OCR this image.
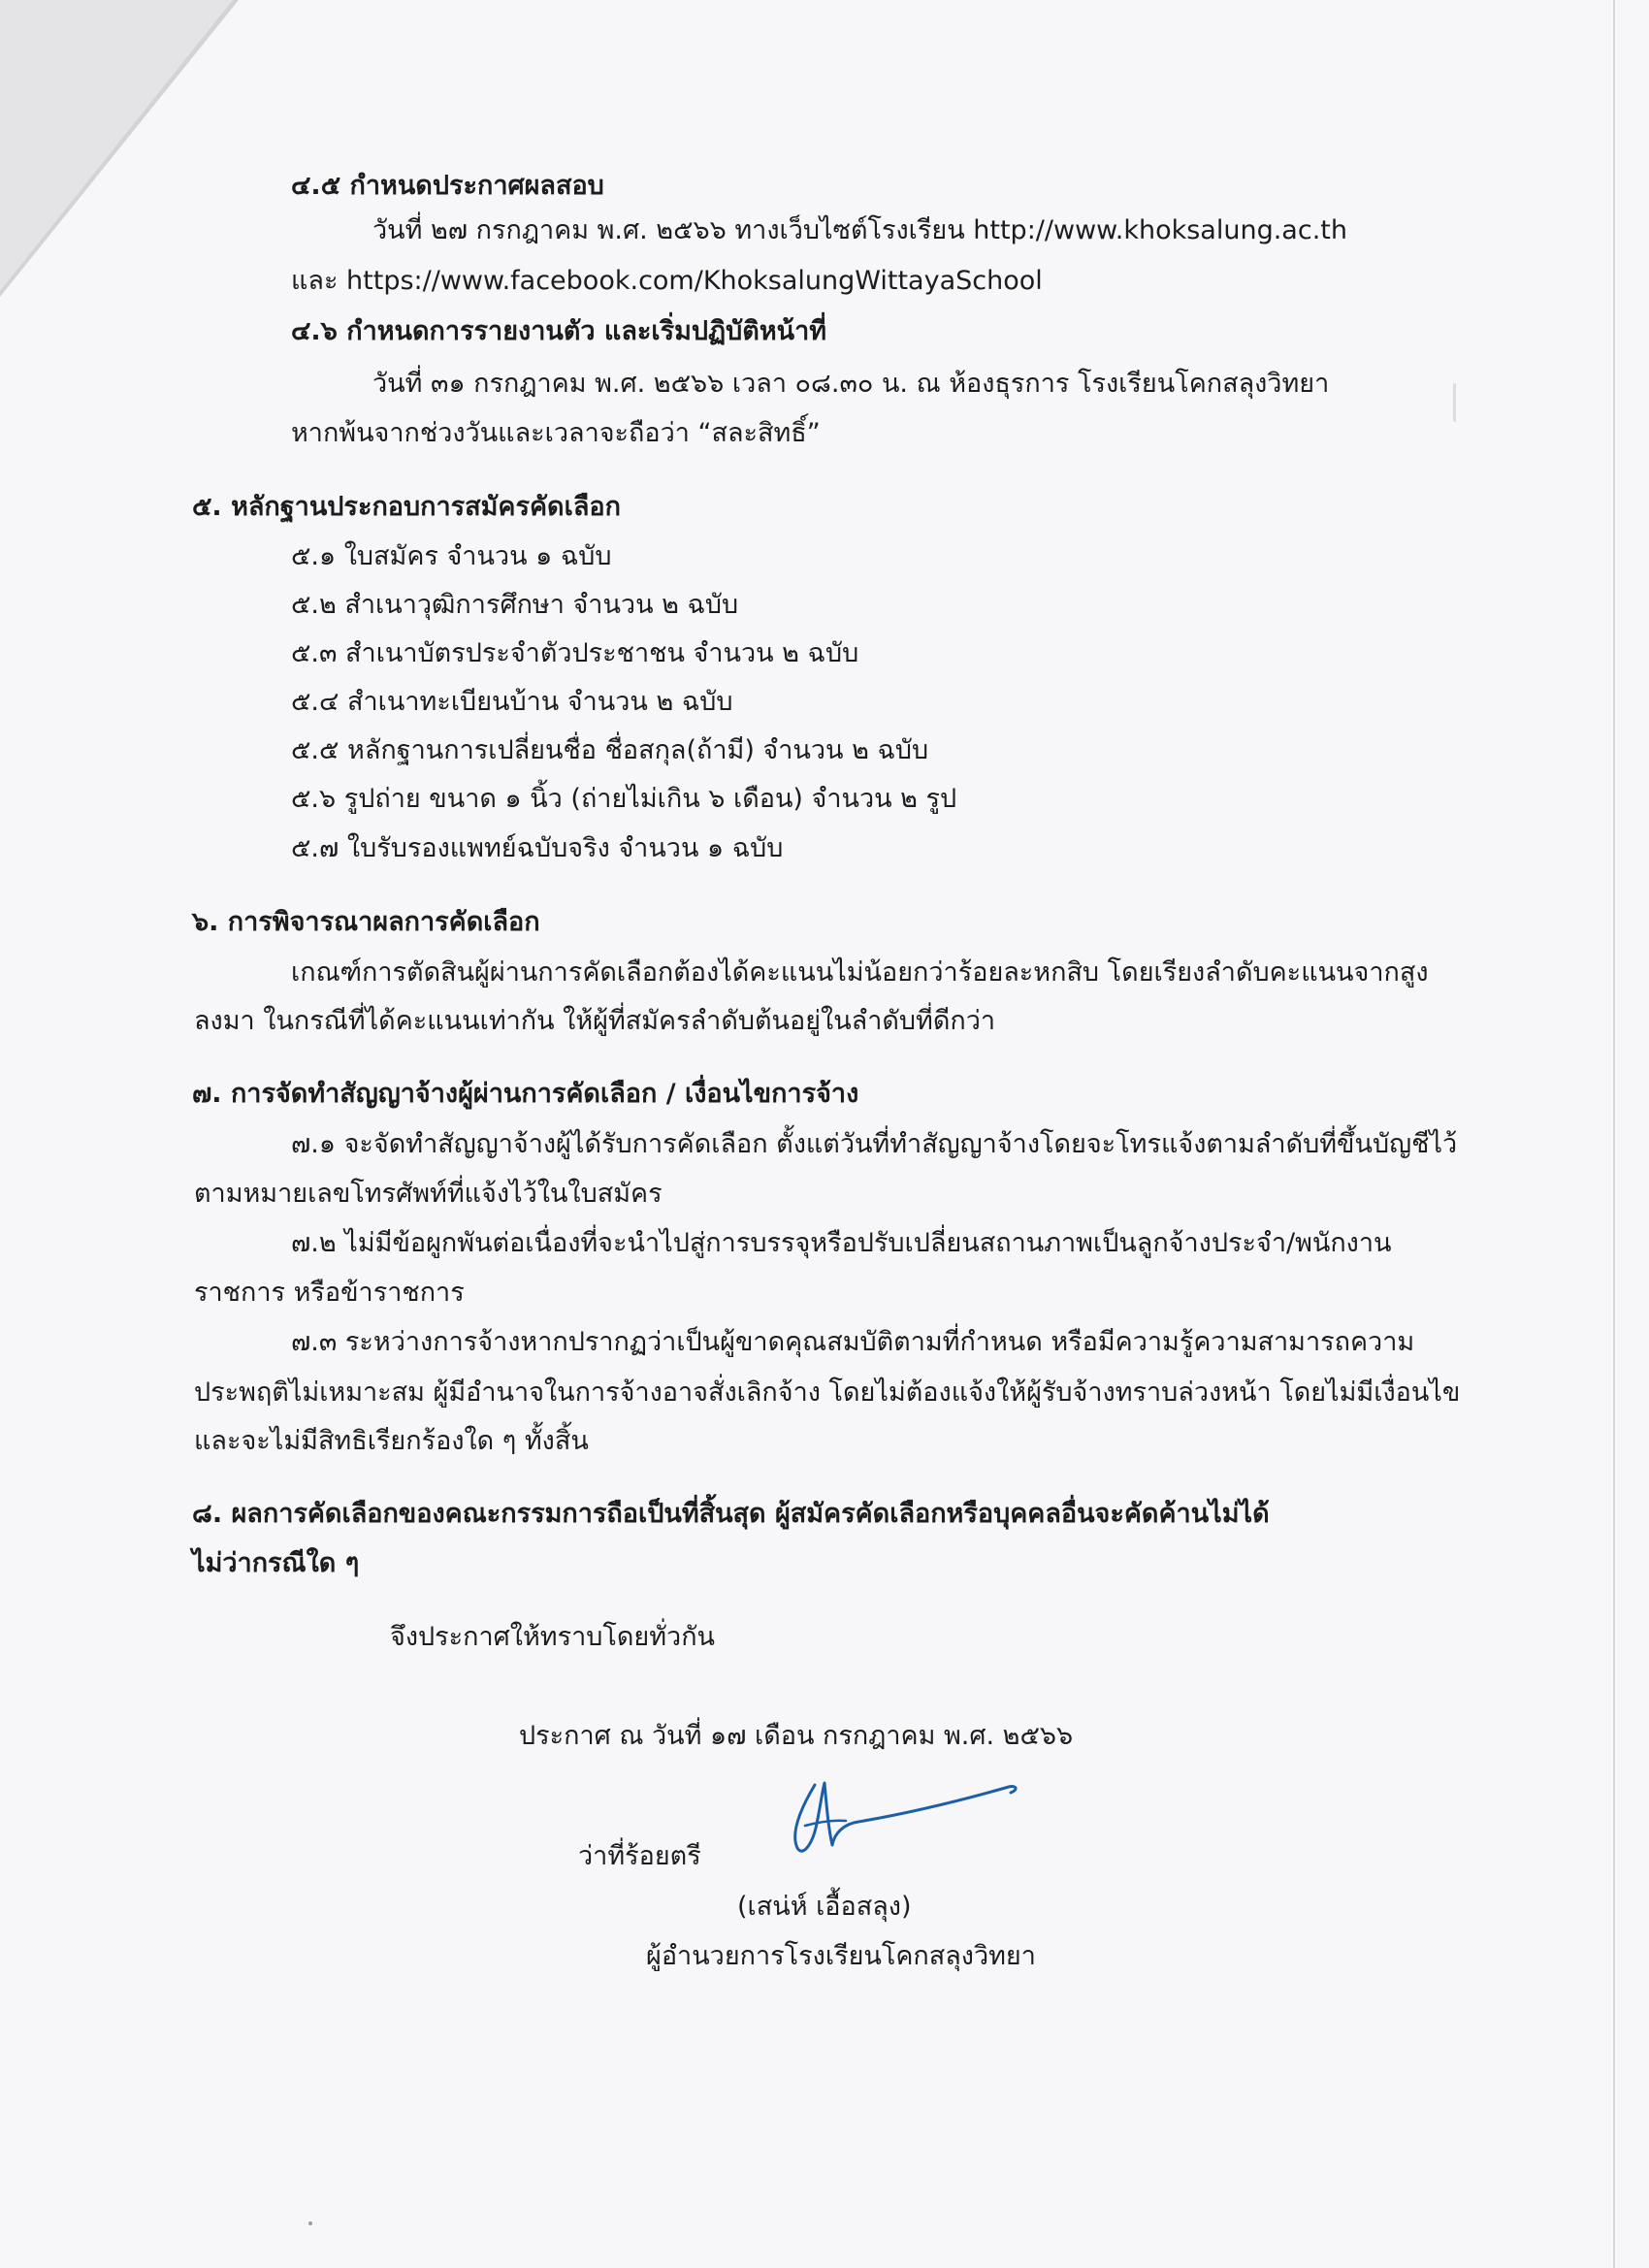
๔.๕ กำหนดประกาศผลสอบ
วันที่ ๒๗ กรกฎาคม พ.ศ. ๒๕๖๖ ทางเว็บไซต์โรงเรียน http://www.khoksalung.ac.th
และ https://www.facebook.com/KhoksalungWittayaSchool
๔.๖ กำหนดการรายงานตัว และเริ่มปฏิบัติหน้าที่
วันที่ ๓๑ กรกฎาคม พ.ศ. ๒๕๖๖ เวลา ๐๘.๓๐ น. ณ ห้องธุรการ โรงเรียนโคกสลุงวิทยา
หากพ้นจากช่วงวันและเวลาจะถือว่า “สละสิทธิ์”
๕. หลักฐานประกอบการสมัครคัดเลือก
๕.๑ ใบสมัคร จำนวน ๑ ฉบับ
๕.๒ สำเนาวุฒิการศึกษา จำนวน ๒ ฉบับ
๕.๓ สำเนาบัตรประจำตัวประชาชน จำนวน ๒ ฉบับ
๕.๔ สำเนาทะเบียนบ้าน จำนวน ๒ ฉบับ
๕.๕ หลักฐานการเปลี่ยนชื่อ ชื่อสกุล(ถ้ามี) จำนวน ๒ ฉบับ
๕.๖ รูปถ่าย ขนาด ๑ นิ้ว (ถ่ายไม่เกิน ๖ เดือน) จำนวน ๒ รูป
๕.๗ ใบรับรองแพทย์ฉบับจริง จำนวน ๑ ฉบับ
๖. การพิจารณาผลการคัดเลือก
เกณฑ์การตัดสินผู้ผ่านการคัดเลือกต้องได้คะแนนไม่น้อยกว่าร้อยละหกสิบ โดยเรียงลำดับคะแนนจากสูง
ลงมา ในกรณีที่ได้คะแนนเท่ากัน ให้ผู้ที่สมัครลำดับต้นอยู่ในลำดับที่ดีกว่า
๗. การจัดทำสัญญาจ้างผู้ผ่านการคัดเลือก / เงื่อนไขการจ้าง
๗.๑ จะจัดทำสัญญาจ้างผู้ได้รับการคัดเลือก ตั้งแต่วันที่ทำสัญญาจ้างโดยจะโทรแจ้งตามลำดับที่ขึ้นบัญชีไว้
ตามหมายเลขโทรศัพท์ที่แจ้งไว้ในใบสมัคร
๗.๒ ไม่มีข้อผูกพันต่อเนื่องที่จะนำไปสู่การบรรจุหรือปรับเปลี่ยนสถานภาพเป็นลูกจ้างประจำ/พนักงาน
ราชการ หรือข้าราชการ
๗.๓ ระหว่างการจ้างหากปรากฏว่าเป็นผู้ขาดคุณสมบัติตามที่กำหนด หรือมีความรู้ความสามารถความ
ประพฤติไม่เหมาะสม ผู้มีอำนาจในการจ้างอาจสั่งเลิกจ้าง โดยไม่ต้องแจ้งให้ผู้รับจ้างทราบล่วงหน้า โดยไม่มีเงื่อนไข
และจะไม่มีสิทธิเรียกร้องใด ๆ ทั้งสิ้น
๘. ผลการคัดเลือกของคณะกรรมการถือเป็นที่สิ้นสุด ผู้สมัครคัดเลือกหรือบุคคลอื่นจะคัดค้านไม่ได้
ไม่ว่ากรณีใด ๆ
จึงประกาศให้ทราบโดยทั่วกัน
ประกาศ ณ วันที่ ๑๗ เดือน กรกฎาคม พ.ศ. ๒๕๖๖
ว่าที่ร้อยตรี
(เสน่ห์ เอื้อสลุง)
ผู้อำนวยการโรงเรียนโคกสลุงวิทยา
